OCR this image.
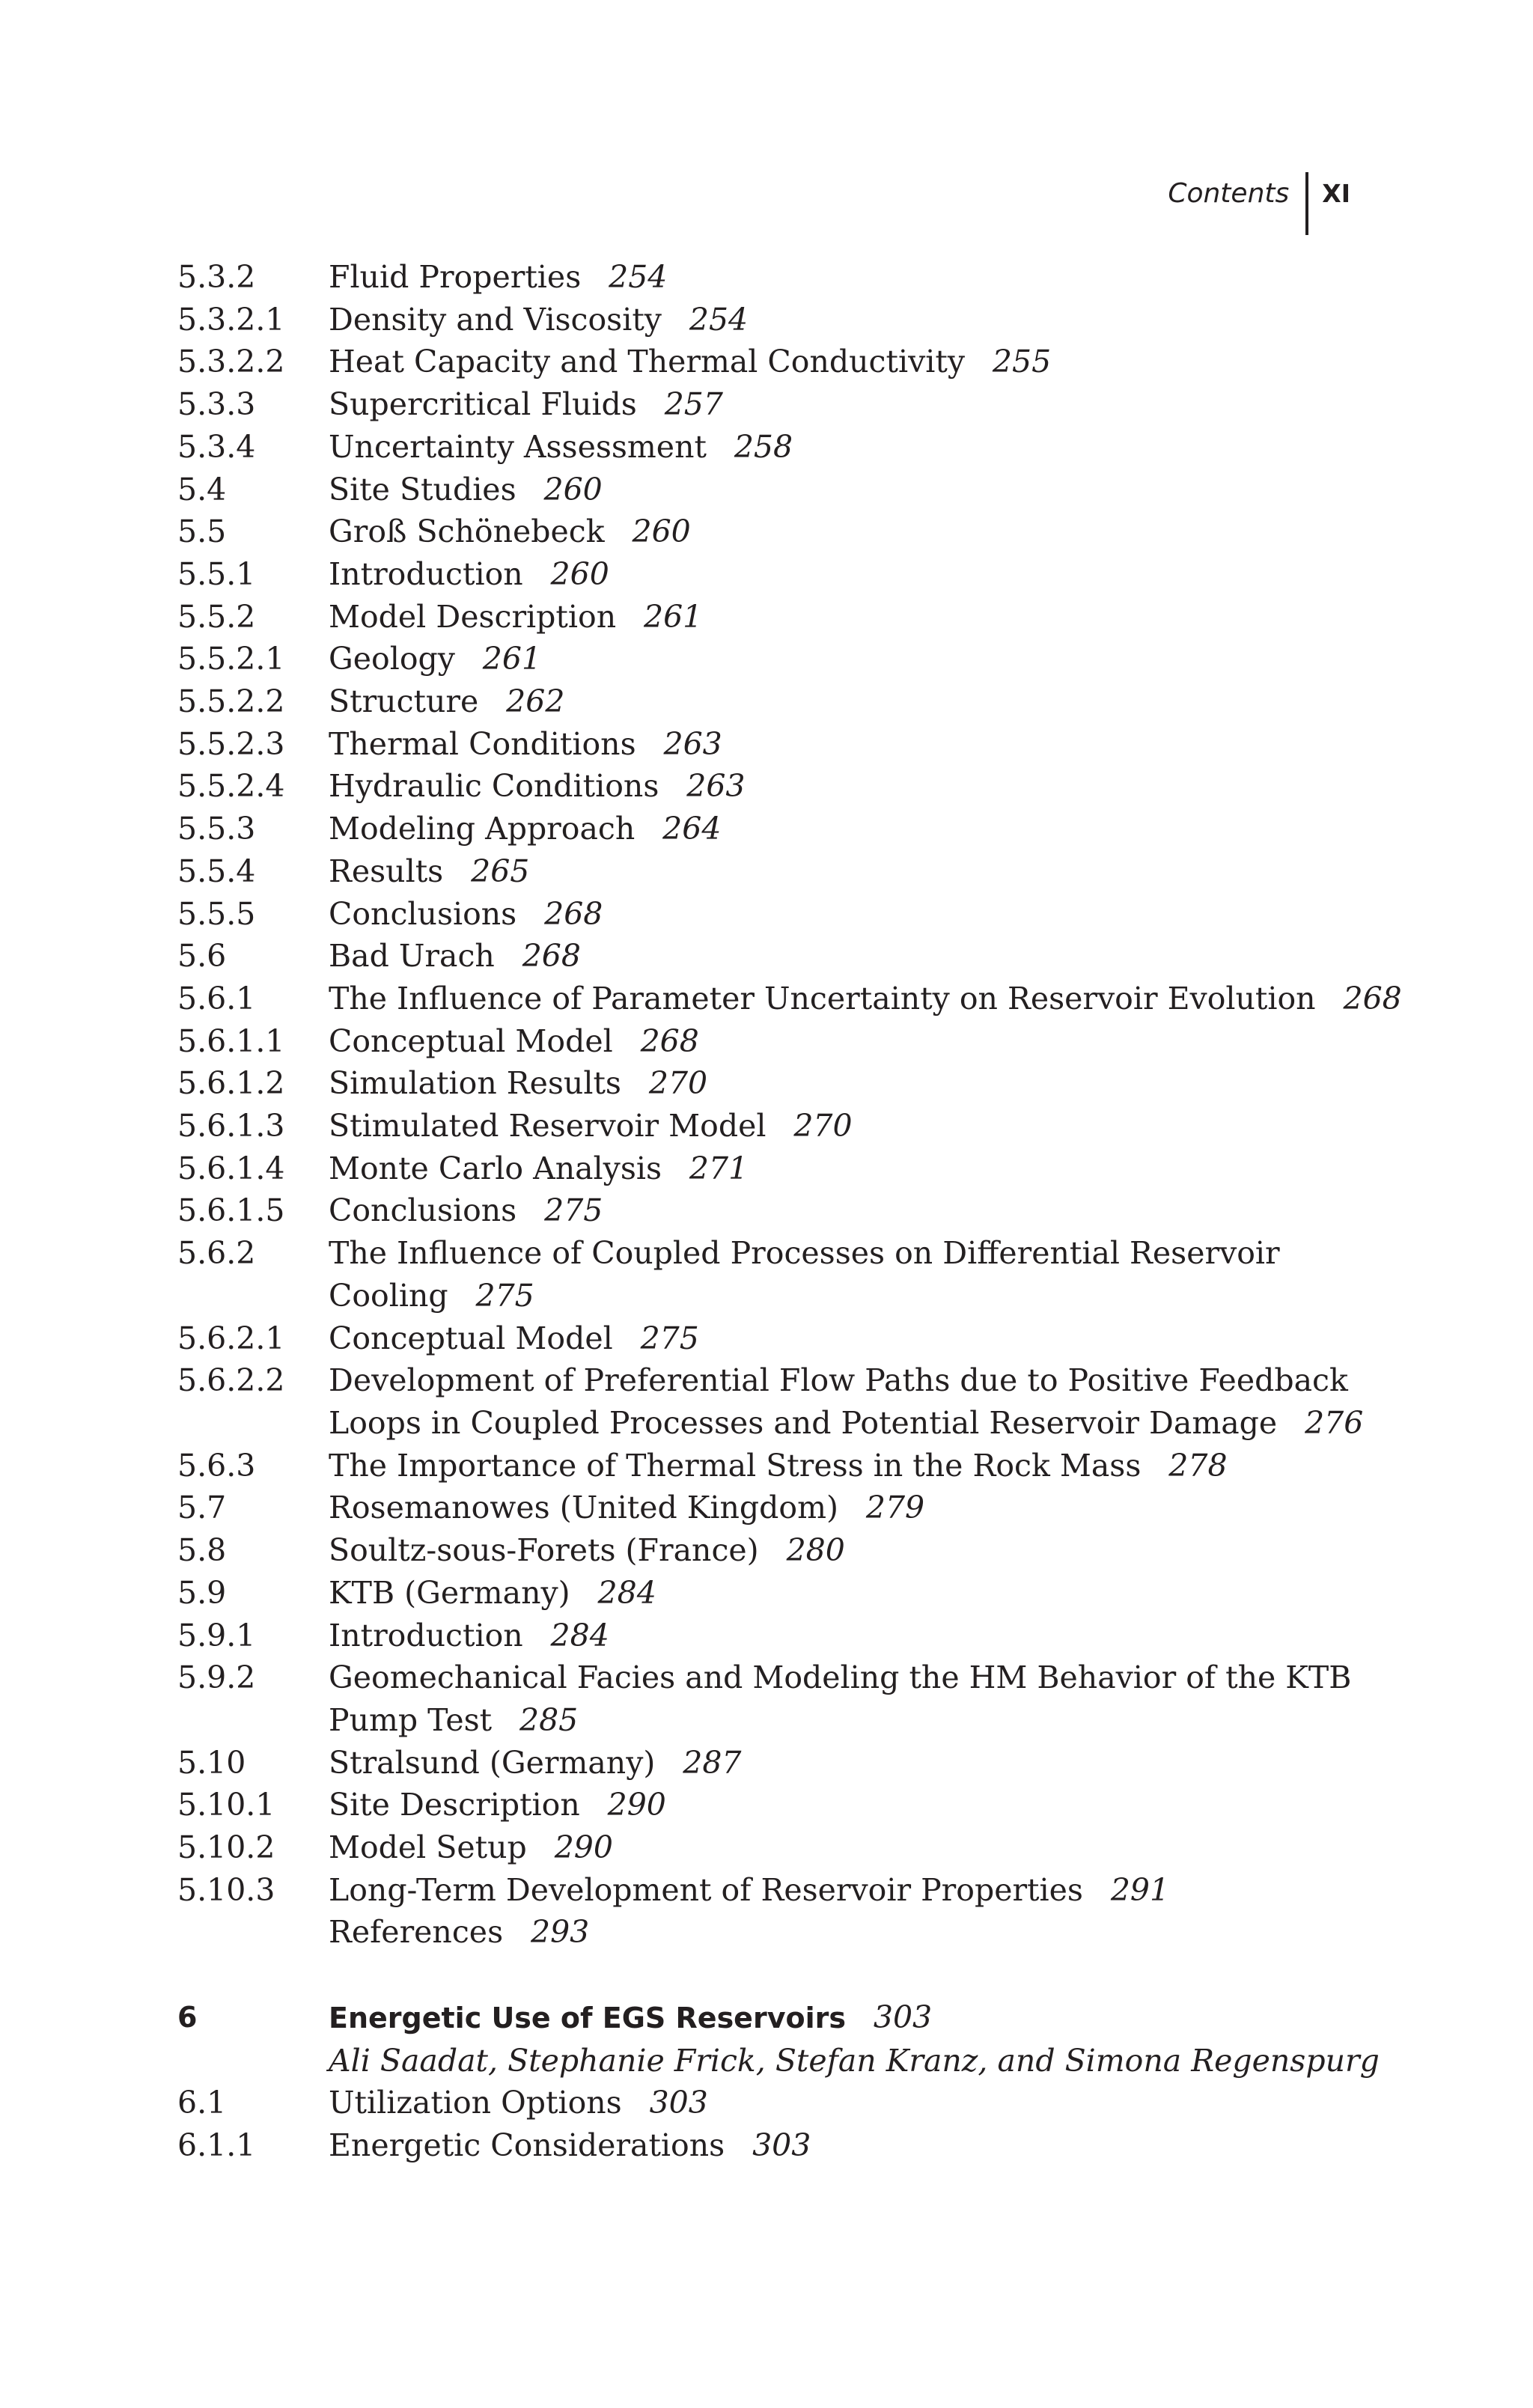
Contents XI
5.3.2	Fluid Properties 254
5.3.2.1	Density and Viscosity 254
5.3.2.2	Heat Capacity and Thermal Conductivity 255
5.3.3	Supercritical Fluids 257
5.3.4	Uncertainty Assessment 258
5.4	Site Studies 260
5.5	Groß Schönebeck 260
5.5.1	Introduction 260
5.5.2	Model Description 261
5.5.2.1	Geology 261
5.5.2.2	Structure 262
5.5.2.3	Thermal Conditions 263
5.5.2.4	Hydraulic Conditions 263
5.5.3	Modeling Approach 264
5.5.4	Results 265
5.5.5	Conclusions 268
5.6	Bad Urach 268
5.6.1	The Influence of Parameter Uncertainty on Reservoir Evolution 268
5.6.1.1	Conceptual Model 268
5.6.1.2	Simulation Results 270
5.6.1.3	Stimulated Reservoir Model 270
5.6.1.4	Monte Carlo Analysis 271
5.6.1.5	Conclusions 275
5.6.2	The Influence of Coupled Processes on Differential Reservoir
Cooling 275
5.6.2.1	Conceptual Model 275
5.6.2.2	Development of Preferential Flow Paths due to Positive Feedback
Loops in Coupled Processes and Potential Reservoir Damage 276
5.6.3	The Importance of Thermal Stress in the Rock Mass 278
5.7	Rosemanowes (United Kingdom) 279
5.8	Soultz-sous-Forets (France) 280
5.9	KTB (Germany) 284
5.9.1	Introduction 284
5.9.2	Geomechanical Facies and Modeling the HM Behavior of the KTB
Pump Test 285
5.10	Stralsund (Germany) 287
5.10.1	Site Description 290
5.10.2	Model Setup 290
5.10.3	Long-Term Development of Reservoir Properties 291
References 293
6	Energetic Use of EGS Reservoirs 303
Ali Saadat, Stephanie Frick, Stefan Kranz, and Simona Regenspurg
6.1	Utilization Options 303
6.1.1	Energetic Considerations 303
